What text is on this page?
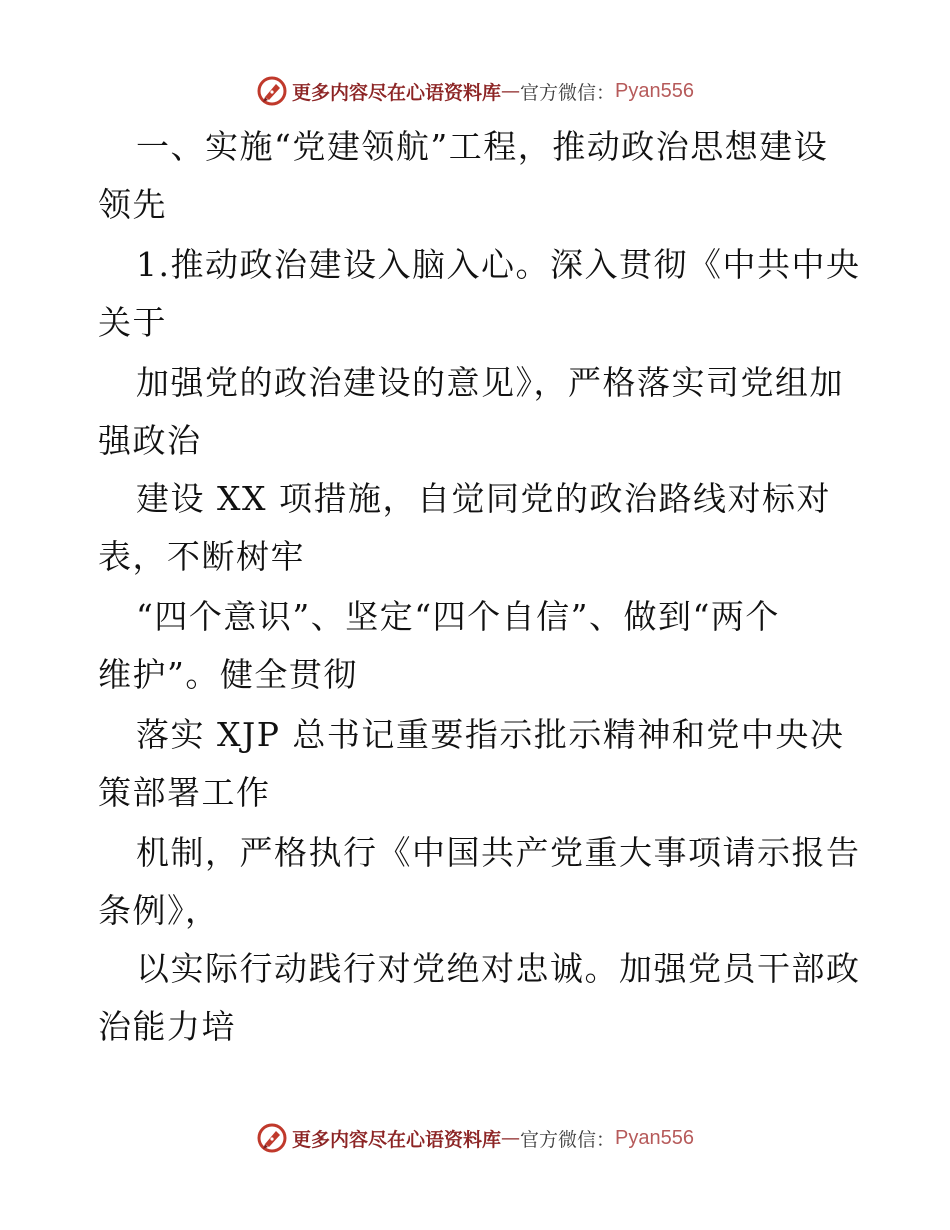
更多内容尽在心语资料库 — 官方微信： Pyan556
一、实施“党建领航”工程，推动政治思想建设
领先
1.推动政治建设入脑入心。深入贯彻《中共中央
关于
加强党的政治建设的意见》，严格落实司党组加
强政治
建设 XX 项措施，自觉同党的政治路线对标对
表，不断树牢
“四个意识”、坚定“四个自信”、做到“两个
维护”。健全贯彻
落实 XJP 总书记重要指示批示精神和党中央决
策部署工作
机制，严格执行《中国共产党重大事项请示报告
条例》，
以实际行动践行对党绝对忠诚。加强党员干部政
治能力培
更多内容尽在心语资料库 — 官方微信： Pyan556
